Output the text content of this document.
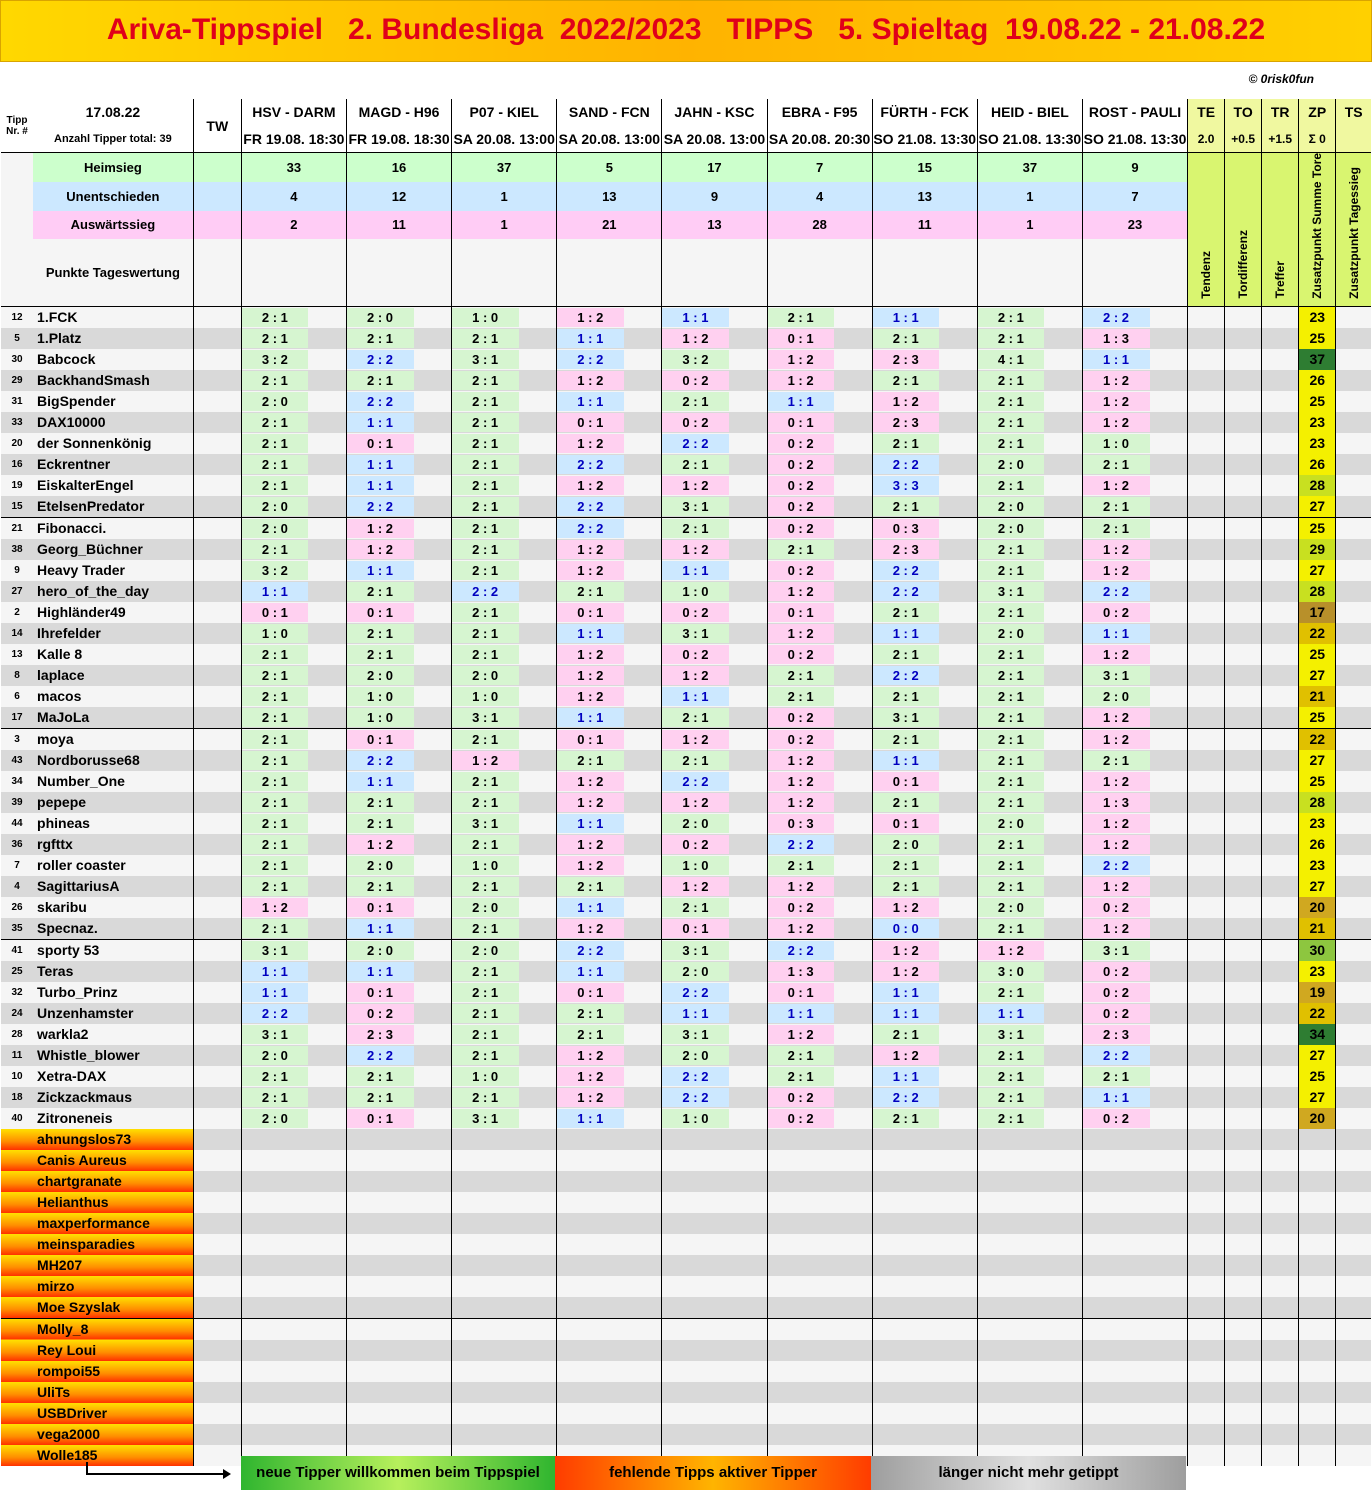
Ariva-Tippspiel   2. Bundesliga  2022/2023   TIPPS   5. Spieltag  19.08.22 - 21.08.22
© 0risk0fun
Tipp
Nr. #	17.08.22	TW	HSV - DARM	MAGD - H96	P07 - KIEL	SAND - FCN	JAHN - KSC	EBRA - F95	FÜRTH - FCK	HEID - BIEL	ROST - PAULI	TE	TO	TR	ZP	TS
	Anzahl Tipper total: 39		FR 19.08. 18:30	FR 19.08. 18:30	SA 20.08. 13:00	SA 20.08. 13:00	SA 20.08. 13:00	SA 20.08. 20:30	SO 21.08. 13:30	SO 21.08. 13:30	SO 21.08. 13:30	2.0	+0.5	+1.5	Σ 0	
	Heimsieg		33	16	37	5	17	7	15	37	9	Tendenz	Tordifferenz	Treffer	Zusatzpunkt Summe Tore	Zusatzpunkt Tagessieg
	Unentschieden		4	12	1	13	9	4	13	1	7					
	Auswärtssieg		2	11	1	21	13	28	11	1	23					
	Punkte Tageswertung															
12	1.FCK		2 : 1	2 : 0	1 : 0	1 : 2	1 : 1	2 : 1	1 : 1	2 : 1	2 : 2				23	
5	1.Platz		2 : 1	2 : 1	2 : 1	1 : 1	1 : 2	0 : 1	2 : 1	2 : 1	1 : 3				25	
30	Babcock		3 : 2	2 : 2	3 : 1	2 : 2	3 : 2	1 : 2	2 : 3	4 : 1	1 : 1				37	
29	BackhandSmash		2 : 1	2 : 1	2 : 1	1 : 2	0 : 2	1 : 2	2 : 1	2 : 1	1 : 2				26	
31	BigSpender		2 : 0	2 : 2	2 : 1	1 : 1	2 : 1	1 : 1	1 : 2	2 : 1	1 : 2				25	
33	DAX10000		2 : 1	1 : 1	2 : 1	0 : 1	0 : 2	0 : 1	2 : 3	2 : 1	1 : 2				23	
20	der Sonnenkönig		2 : 1	0 : 1	2 : 1	1 : 2	2 : 2	0 : 2	2 : 1	2 : 1	1 : 0				23	
16	Eckrentner		2 : 1	1 : 1	2 : 1	2 : 2	2 : 1	0 : 2	2 : 2	2 : 0	2 : 1				26	
19	EiskalterEngel		2 : 1	1 : 1	2 : 1	1 : 2	1 : 2	0 : 2	3 : 3	2 : 1	1 : 2				28	
15	EtelsenPredator		2 : 0	2 : 2	2 : 1	2 : 2	3 : 1	0 : 2	2 : 1	2 : 0	2 : 1				27	
21	Fibonacci.		2 : 0	1 : 2	2 : 1	2 : 2	2 : 1	0 : 2	0 : 3	2 : 0	2 : 1				25	
38	Georg_Büchner		2 : 1	1 : 2	2 : 1	1 : 2	1 : 2	2 : 1	2 : 3	2 : 1	1 : 2				29	
9	Heavy Trader		3 : 2	1 : 1	2 : 1	1 : 2	1 : 1	0 : 2	2 : 2	2 : 1	1 : 2				27	
27	hero_of_the_day		1 : 1	2 : 1	2 : 2	2 : 1	1 : 0	1 : 2	2 : 2	3 : 1	2 : 2				28	
2	Highländer49		0 : 1	0 : 1	2 : 1	0 : 1	0 : 2	0 : 1	2 : 1	2 : 1	0 : 2				17	
14	Ihrefelder		1 : 0	2 : 1	2 : 1	1 : 1	3 : 1	1 : 2	1 : 1	2 : 0	1 : 1				22	
13	Kalle 8		2 : 1	2 : 1	2 : 1	1 : 2	0 : 2	0 : 2	2 : 1	2 : 1	1 : 2				25	
8	laplace		2 : 1	2 : 0	2 : 0	1 : 2	1 : 2	2 : 1	2 : 2	2 : 1	3 : 1				27	
6	macos		2 : 1	1 : 0	1 : 0	1 : 2	1 : 1	2 : 1	2 : 1	2 : 1	2 : 0				21	
17	MaJoLa		2 : 1	1 : 0	3 : 1	1 : 1	2 : 1	0 : 2	3 : 1	2 : 1	1 : 2				25	
3	moya		2 : 1	0 : 1	2 : 1	0 : 1	1 : 2	0 : 2	2 : 1	2 : 1	1 : 2				22	
43	Nordborusse68		2 : 1	2 : 2	1 : 2	2 : 1	2 : 1	1 : 2	1 : 1	2 : 1	2 : 1				27	
34	Number_One		2 : 1	1 : 1	2 : 1	1 : 2	2 : 2	1 : 2	0 : 1	2 : 1	1 : 2				25	
39	pepepe		2 : 1	2 : 1	2 : 1	1 : 2	1 : 2	1 : 2	2 : 1	2 : 1	1 : 3				28	
44	phineas		2 : 1	2 : 1	3 : 1	1 : 1	2 : 0	0 : 3	0 : 1	2 : 0	1 : 2				23	
36	rgfttx		2 : 1	1 : 2	2 : 1	1 : 2	0 : 2	2 : 2	2 : 0	2 : 1	1 : 2				26	
7	roller coaster		2 : 1	2 : 0	1 : 0	1 : 2	1 : 0	2 : 1	2 : 1	2 : 1	2 : 2				23	
4	SagittariusA		2 : 1	2 : 1	2 : 1	2 : 1	1 : 2	1 : 2	2 : 1	2 : 1	1 : 2				27	
26	skaribu		1 : 2	0 : 1	2 : 0	1 : 1	2 : 1	0 : 2	1 : 2	2 : 0	0 : 2				20	
35	Specnaz.		2 : 1	1 : 1	2 : 1	1 : 2	0 : 1	1 : 2	0 : 0	2 : 1	1 : 2				21	
41	sporty 53		3 : 1	2 : 0	2 : 0	2 : 2	3 : 1	2 : 2	1 : 2	1 : 2	3 : 1				30	
25	Teras		1 : 1	1 : 1	2 : 1	1 : 1	2 : 0	1 : 3	1 : 2	3 : 0	0 : 2				23	
32	Turbo_Prinz		1 : 1	0 : 1	2 : 1	0 : 1	2 : 2	0 : 1	1 : 1	2 : 1	0 : 2				19	
24	Unzenhamster		2 : 2	0 : 2	2 : 1	2 : 1	1 : 1	1 : 1	1 : 1	1 : 1	0 : 2				22	
28	warkla2		3 : 1	2 : 3	2 : 1	2 : 1	3 : 1	1 : 2	2 : 1	3 : 1	2 : 3				34	
11	Whistle_blower		2 : 0	2 : 2	2 : 1	1 : 2	2 : 0	2 : 1	1 : 2	2 : 1	2 : 2				27	
10	Xetra-DAX		2 : 1	2 : 1	1 : 0	1 : 2	2 : 2	2 : 1	1 : 1	2 : 1	2 : 1				25	
18	Zickzackmaus		2 : 1	2 : 1	2 : 1	1 : 2	2 : 2	0 : 2	2 : 2	2 : 1	1 : 1				27	
40	Zitroneneis		2 : 0	0 : 1	3 : 1	1 : 1	1 : 0	0 : 2	2 : 1	2 : 1	0 : 2				20	
	ahnungslos73															
	Canis Aureus															
	chartgranate															
	Helianthus															
	maxperformance															
	meinsparadies															
	MH207															
	mirzo															
	Moe Szyslak															
	Molly_8															
	Rey Loui															
	rompoi55															
	UliTs															
	USBDriver															
	vega2000															
	Wolle185															
neue Tipper willkommen beim Tippspiel	fehlende Tipps aktiver Tipper	länger nicht mehr getippt
